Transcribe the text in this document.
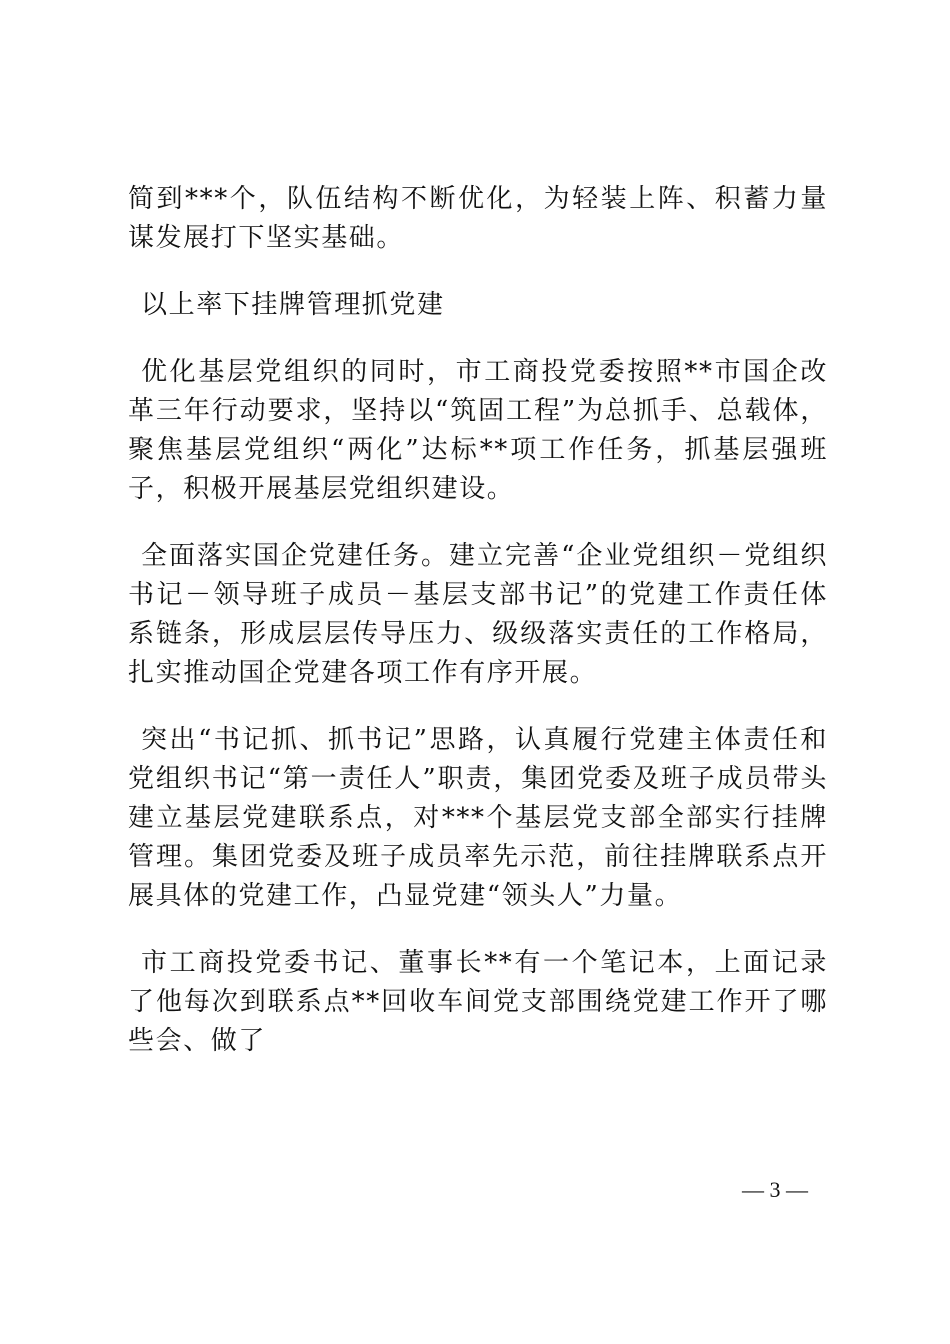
简到***个，队伍结构不断优化，为轻装上阵、积蓄力量谋发展打下坚实基础。

以上率下挂牌管理抓党建

优化基层党组织的同时，市工商投党委按照**市国企改革三年行动要求，坚持以“筑固工程”为总抓手、总载体，聚焦基层党组织“两化”达标**项工作任务，抓基层强班子，积极开展基层党组织建设。

全面落实国企党建任务。建立完善“企业党组织－党组织书记－领导班子成员－基层支部书记”的党建工作责任体系链条，形成层层传导压力、级级落实责任的工作格局，扎实推动国企党建各项工作有序开展。

突出“书记抓、抓书记”思路，认真履行党建主体责任和党组织书记“第一责任人”职责，集团党委及班子成员带头建立基层党建联系点，对***个基层党支部全部实行挂牌管理。集团党委及班子成员率先示范，前往挂牌联系点开展具体的党建工作，凸显党建“领头人”力量。

市工商投党委书记、董事长**有一个笔记本，上面记录了他每次到联系点**回收车间党支部围绕党建工作开了哪些会、做了

— 3 —
